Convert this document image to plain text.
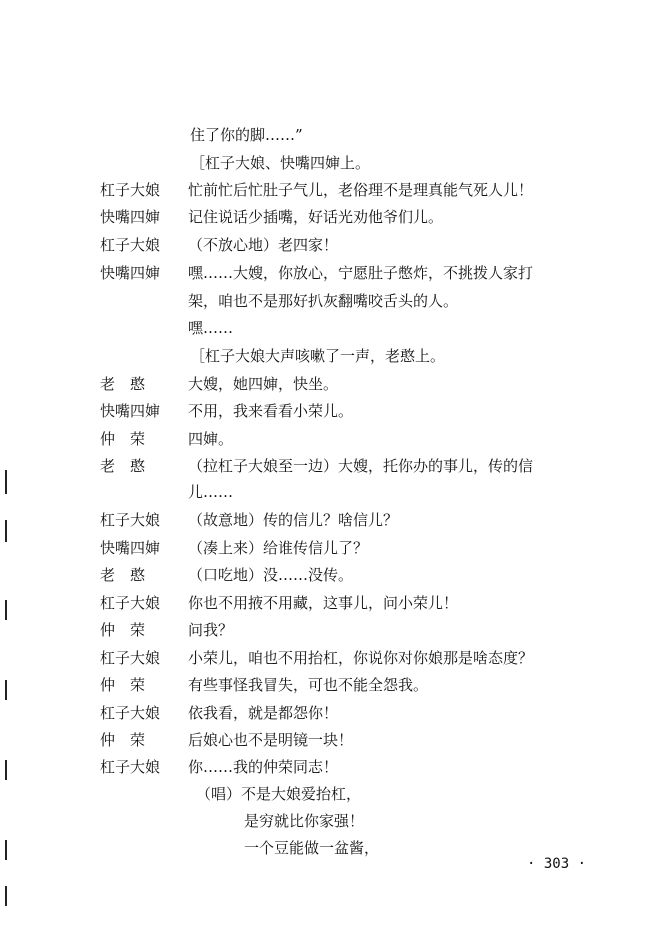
住了你的脚……”
［杠子大娘、快嘴四婶上。
杠子大娘	忙前忙后忙肚子气儿，老俗理不是理真能气死人儿！
快嘴四婶	记住说话少插嘴，好话光劝他爷们儿。
杠子大娘	（不放心地）老四家！
快嘴四婶	嘿……大嫂，你放心，宁愿肚子憋炸，不挑拨人家打
架，咱也不是那好扒灰翻嘴咬舌头的人。
嘿……
［杠子大娘大声咳嗽了一声，老憨上。
老　憨	大嫂，她四婶，快坐。
快嘴四婶	不用，我来看看小荣儿。
仲　荣	四婶。
老　憨	（拉杠子大娘至一边）大嫂，托你办的事儿，传的信
儿……
杠子大娘	（故意地）传的信儿？啥信儿？
快嘴四婶	（凑上来）给谁传信儿了？
老　憨	（口吃地）没……没传。
杠子大娘	你也不用掖不用藏，这事儿，问小荣儿！
仲　荣	问我？
杠子大娘	小荣儿，咱也不用抬杠，你说你对你娘那是啥态度？
仲　荣	有些事怪我冒失，可也不能全怨我。
杠子大娘	依我看，就是都怨你！
仲　荣	后娘心也不是明镜一块！
杠子大娘	你……我的仲荣同志！
（唱）不是大娘爱抬杠，
是穷就比你家强！
一个豆能做一盆酱，
· 303 ·
